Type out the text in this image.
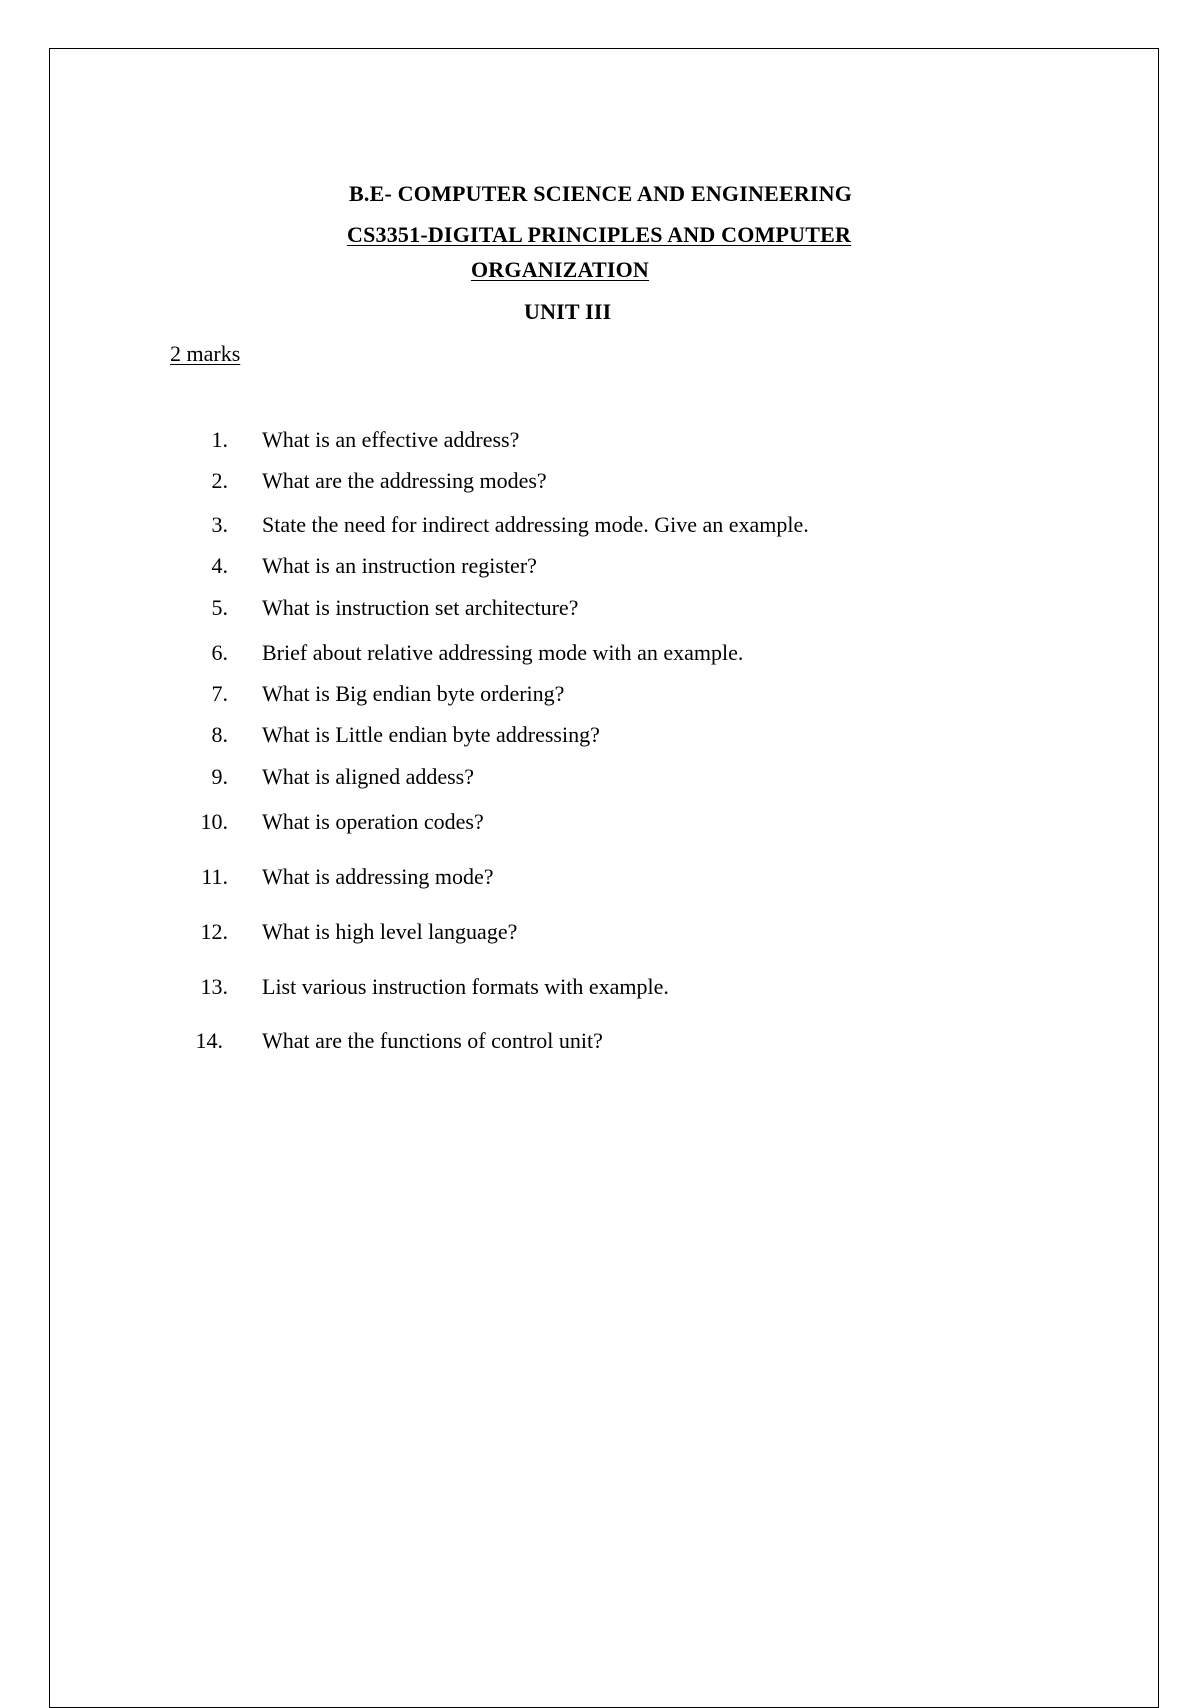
B.E- COMPUTER SCIENCE AND ENGINEERING
CS3351-DIGITAL PRINCIPLES AND COMPUTER
ORGANIZATION
UNIT III
2 marks
1. What is an effective address?
2. What are the addressing modes?
3. State the need for indirect addressing mode. Give an example.
4. What is an instruction register?
5. What is instruction set architecture?
6. Brief about relative addressing mode with an example.
7. What is Big endian byte ordering?
8. What is Little endian byte addressing?
9. What is aligned addess?
10. What is operation codes?
11. What is addressing mode?
12. What is high level language?
13. List various instruction formats with example.
14. What are the functions of control unit?
